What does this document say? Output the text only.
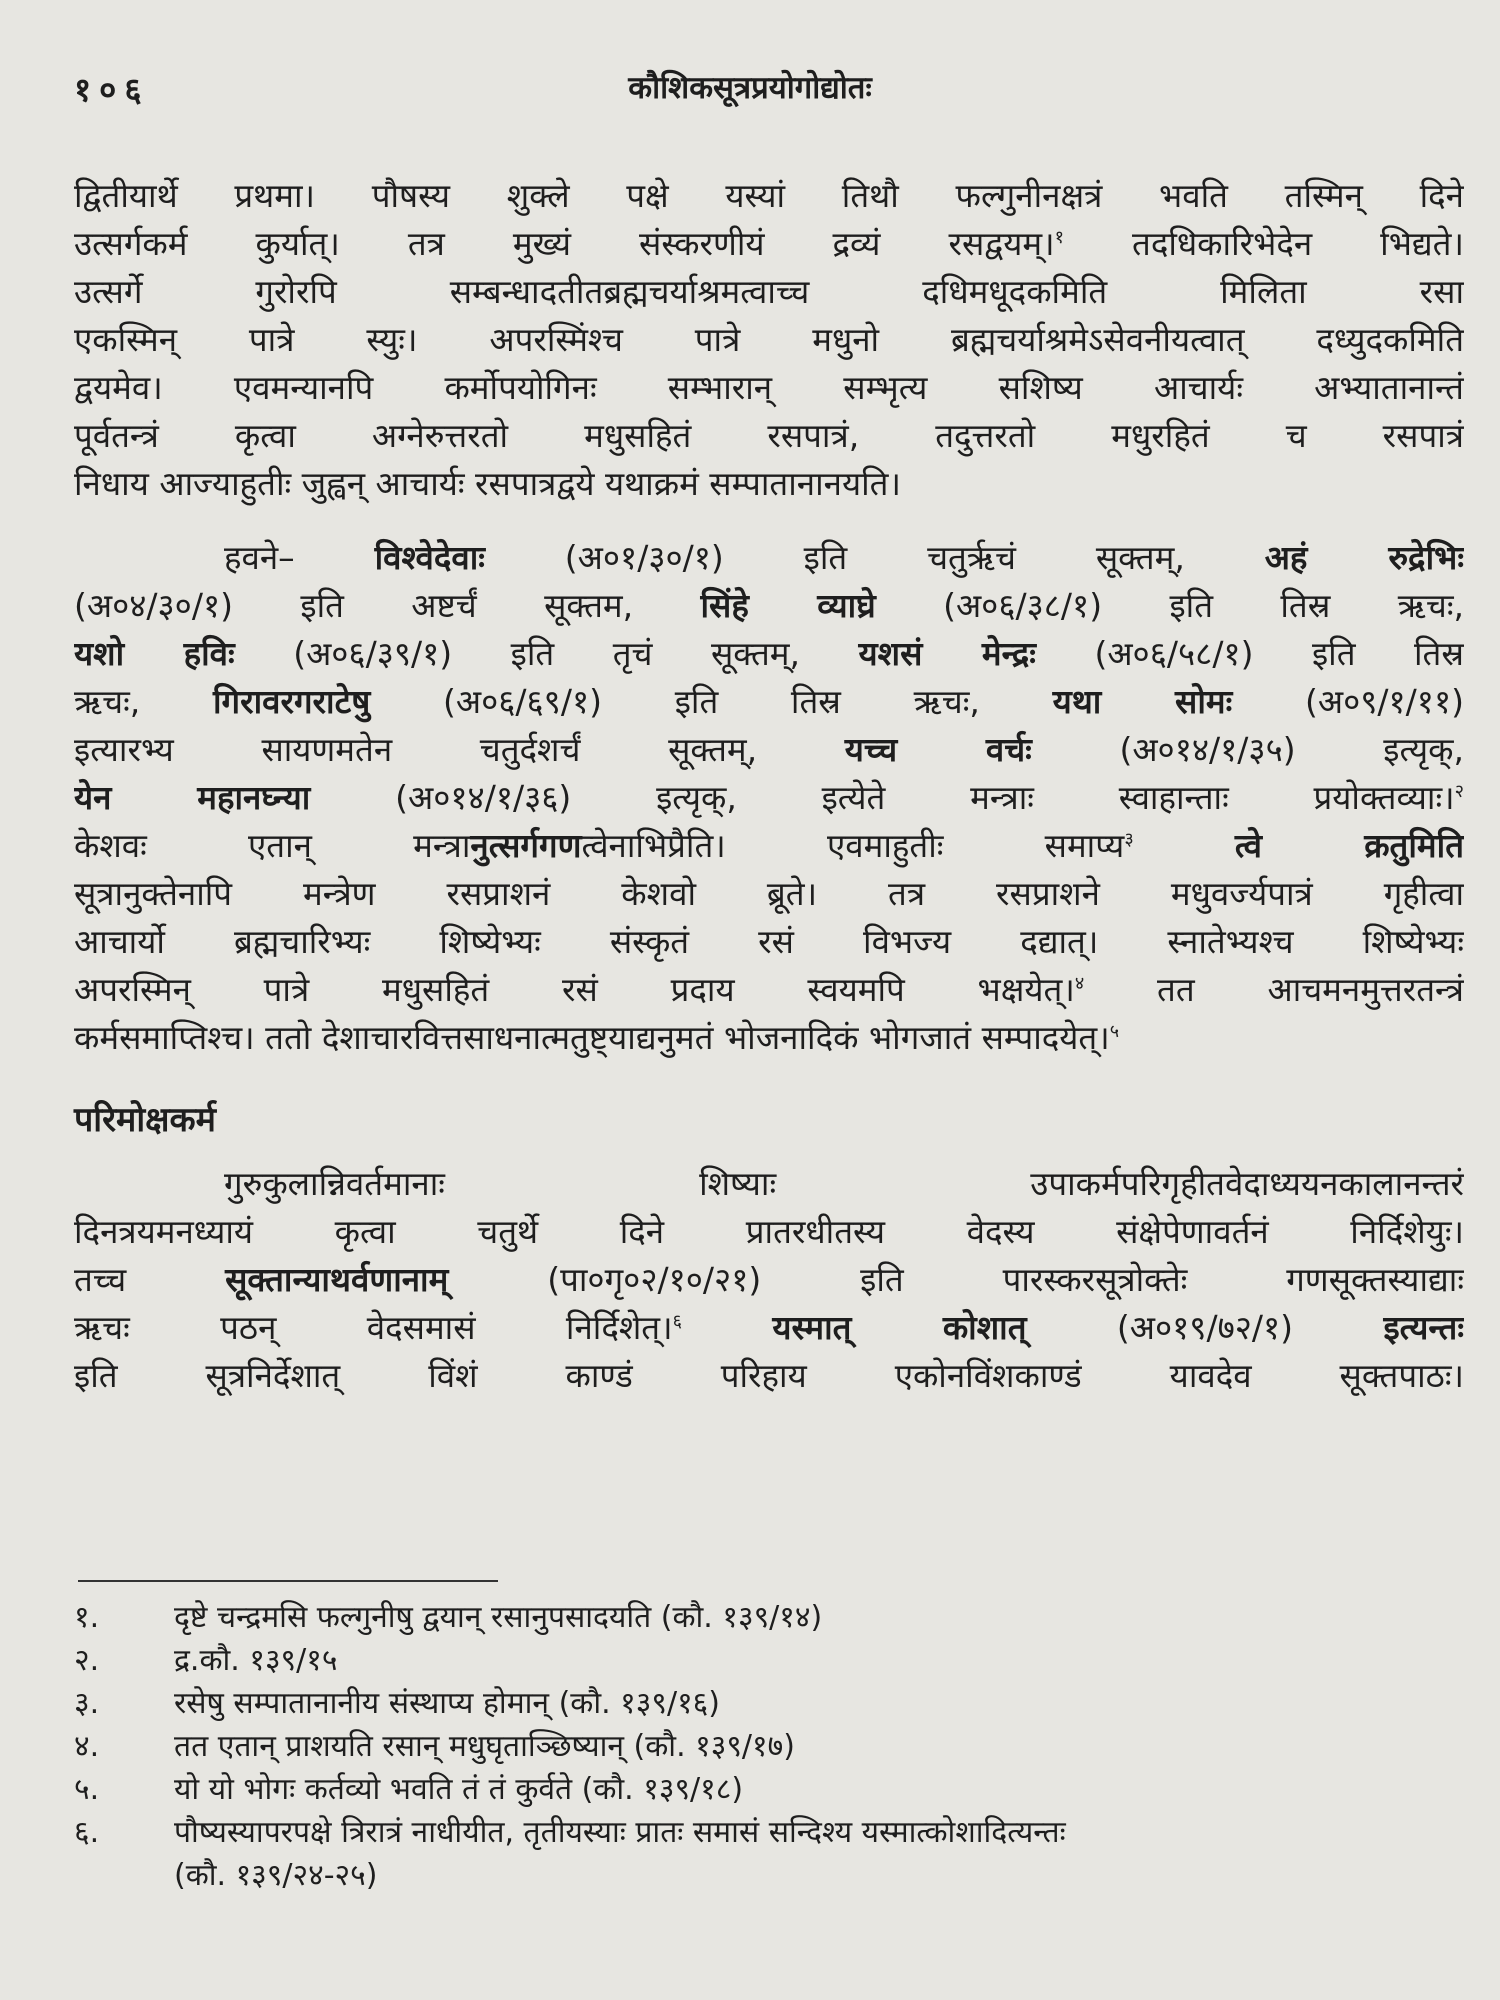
१०६	कौशिकसूत्रप्रयोगोद्योतः
द्वितीयार्थे प्रथमा। पौषस्य शुक्ले पक्षे यस्यां तिथौ फल्गुनीनक्षत्रं भवति तस्मिन् दिने
उत्सर्गकर्म कुर्यात्। तत्र मुख्यं संस्करणीयं द्रव्यं रसद्वयम्।$^१$ तदधिकारिभेदेन भिद्यते।
उत्सर्गे गुरोरपि सम्बन्धादतीतब्रह्मचर्याश्रमत्वाच्च दधिमधूदकमिति मिलिता रसा
एकस्मिन् पात्रे स्युः। अपरस्मिंश्च पात्रे मधुनो ब्रह्मचर्याश्रमेऽसेवनीयत्वात् दध्युदकमिति
द्वयमेव। एवमन्यानपि कर्मोपयोगिनः सम्भारान् सम्भृत्य सशिष्य आचार्यः अभ्यातानान्तं
पूर्वतन्त्रं कृत्वा अग्नेरुत्तरतो मधुसहितं रसपात्रं, तदुत्तरतो मधुरहितं च रसपात्रं
निधाय आज्याहुतीः जुह्वन् आचार्यः रसपात्रद्वये यथाक्रमं सम्पातानानयति।
हवने– विश्वेदेवाः (अ०१/३०/१) इति चतुर्ऋचं सूक्तम्, अहं रुद्रेभिः
(अ०४/३०/१) इति अष्टर्चं सूक्तम, सिंहे व्याघ्रे (अ०६/३८/१) इति तिस्र ऋचः,
यशो हविः (अ०६/३९/१) इति तृचं सूक्तम्, यशसं मेन्द्रः (अ०६/५८/१) इति तिस्र
ऋचः, गिरावरगराटेषु (अ०६/६९/१) इति तिस्र ऋचः, यथा सोमः (अ०९/१/११)
इत्यारभ्य सायणमतेन चतुर्दशर्चं सूक्तम्, यच्च वर्चः (अ०१४/१/३५) इत्यृक्,
येन महानघ्न्या (अ०१४/१/३६) इत्यृक्, इत्येते मन्त्राः स्वाहान्ताः प्रयोक्तव्याः।$^२$
केशवः एतान् मन्त्रानुत्सर्गगणत्वेनाभिप्रैति। एवमाहुतीः समाप्य$^३$	त्वे क्रतुमिति
सूत्रानुक्तेनापि मन्त्रेण रसप्राशनं केशवो ब्रूते। तत्र रसप्राशने मधुवर्ज्यपात्रं गृहीत्वा
आचार्यो ब्रह्मचारिभ्यः शिष्येभ्यः संस्कृतं रसं विभज्य दद्यात्। स्नातेभ्यश्च शिष्येभ्यः
अपरस्मिन् पात्रे मधुसहितं रसं प्रदाय स्वयमपि भक्षयेत्।$^४$ तत आचमनमुत्तरतन्त्रं
कर्मसमाप्तिश्च। ततो देशाचारवित्तसाधनात्मतुष्ट्याद्यनुमतं भोजनादिकं भोगजातं सम्पादयेत्।$^५$
परिमोक्षकर्म
गुरुकुलान्निवर्तमानाः शिष्याः उपाकर्मपरिगृहीतवेदाध्ययनकालानन्तरं
दिनत्रयमनध्यायं कृत्वा चतुर्थे दिने प्रातरधीतस्य वेदस्य संक्षेपेणावर्तनं निर्दिशेयुः।
तच्च सूक्तान्याथर्वणानाम् (पा०गृ०२/१०/२१) इति पारस्करसूत्रोक्तेः गणसूक्तस्याद्याः
ऋचः पठन् वेदसमासं निर्दिशेत्।$^६$	यस्मात् कोशात् (अ०१९/७२/१) इत्यन्तः
इति सूत्रनिर्देशात् विंशं काण्डं परिहाय एकोनविंशकाण्डं यावदेव सूक्तपाठः।
१.	दृष्टे चन्द्रमसि फल्गुनीषु द्वयान् रसानुपसादयति (कौ. १३९/१४)
२.	द्र.कौ. १३९/१५
३.	रसेषु सम्पातानानीय संस्थाप्य होमान् (कौ. १३९/१६)
४.	तत एतान् प्राशयति रसान् मधुघृताञ्छिष्यान् (कौ. १३९/१७)
५.	यो यो भोगः कर्तव्यो भवति तं तं कुर्वते (कौ. १३९/१८)
६.	पौष्यस्यापरपक्षे त्रिरात्रं नाधीयीत, तृतीयस्याः प्रातः समासं सन्दिश्य यस्मात्कोशादित्यन्तः
(कौ. १३९/२४-२५)
